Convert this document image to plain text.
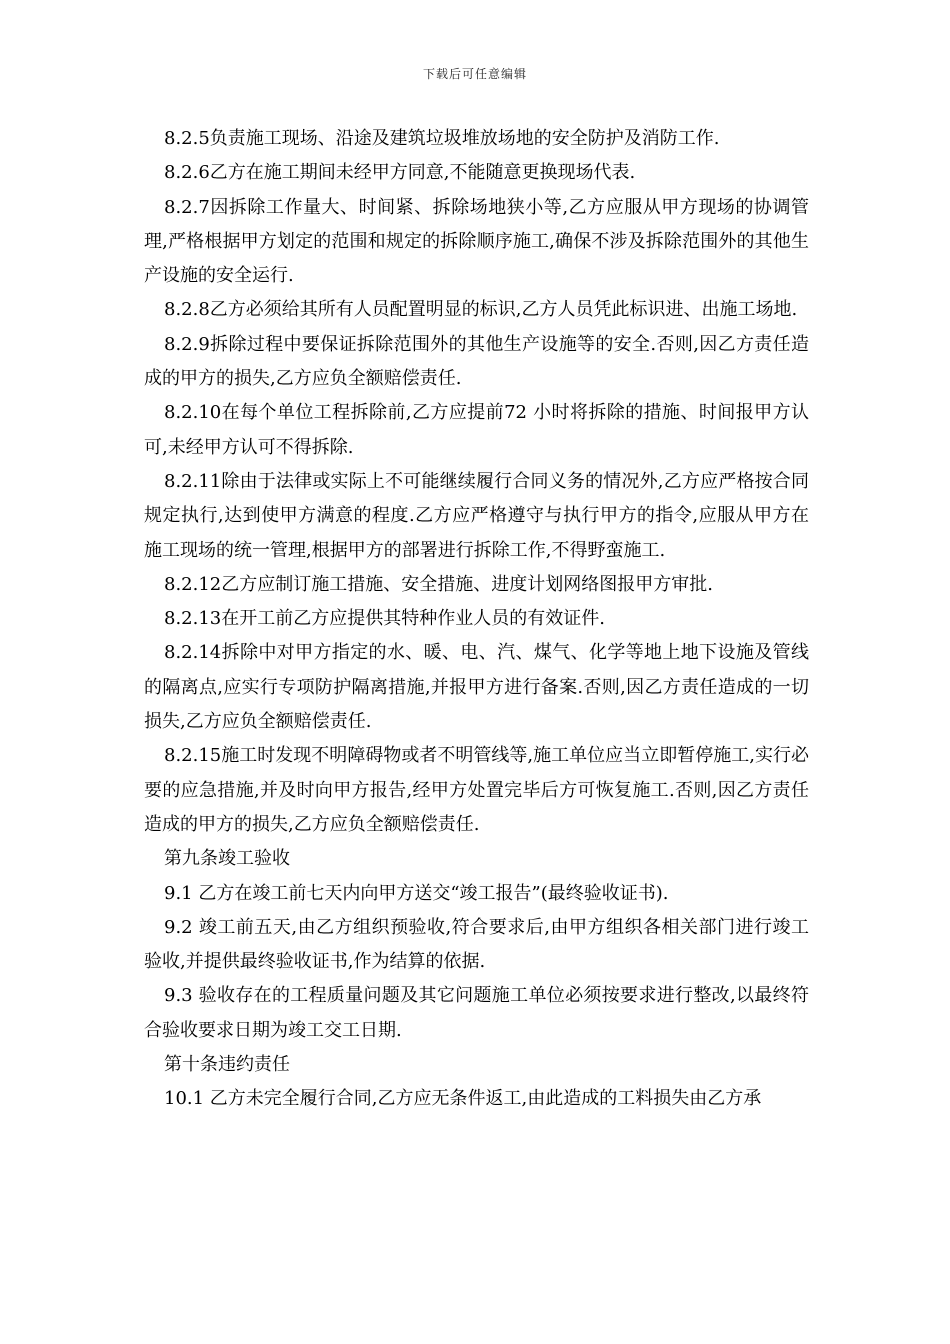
下载后可任意编辑

8.2.5负责施工现场、沿途及建筑垃圾堆放场地的安全防护及消防工作.

8.2.6乙方在施工期间未经甲方同意,不能随意更换现场代表.

8.2.7因拆除工作量大、时间紧、拆除场地狭小等,乙方应服从甲方现场的协调管理,严格根据甲方划定的范围和规定的拆除顺序施工,确保不涉及拆除范围外的其他生产设施的安全运行.

8.2.8乙方必须给其所有人员配置明显的标识,乙方人员凭此标识进、出施工场地.

8.2.9拆除过程中要保证拆除范围外的其他生产设施等的安全.否则,因乙方责任造成的甲方的损失,乙方应负全额赔偿责任.

8.2.10在每个单位工程拆除前,乙方应提前72 小时将拆除的措施、时间报甲方认可,未经甲方认可不得拆除.

8.2.11除由于法律或实际上不可能继续履行合同义务的情况外,乙方应严格按合同规定执行,达到使甲方满意的程度.乙方应严格遵守与执行甲方的指令,应服从甲方在施工现场的统一管理,根据甲方的部署进行拆除工作,不得野蛮施工.

8.2.12乙方应制订施工措施、安全措施、进度计划网络图报甲方审批.

8.2.13在开工前乙方应提供其特种作业人员的有效证件.

8.2.14拆除中对甲方指定的水、暖、电、汽、煤气、化学等地上地下设施及管线的隔离点,应实行专项防护隔离措施,并报甲方进行备案.否则,因乙方责任造成的一切损失,乙方应负全额赔偿责任.

8.2.15施工时发现不明障碍物或者不明管线等,施工单位应当立即暂停施工,实行必要的应急措施,并及时向甲方报告,经甲方处置完毕后方可恢复施工.否则,因乙方责任造成的甲方的损失,乙方应负全额赔偿责任.

第九条竣工验收

9.1 乙方在竣工前七天内向甲方送交“竣工报告”(最终验收证书).

9.2 竣工前五天,由乙方组织预验收,符合要求后,由甲方组织各相关部门进行竣工验收,并提供最终验收证书,作为结算的依据.

9.3 验收存在的工程质量问题及其它问题施工单位必须按要求进行整改,以最终符合验收要求日期为竣工交工日期.

第十条违约责任

10.1 乙方未完全履行合同,乙方应无条件返工,由此造成的工料损失由乙方承
